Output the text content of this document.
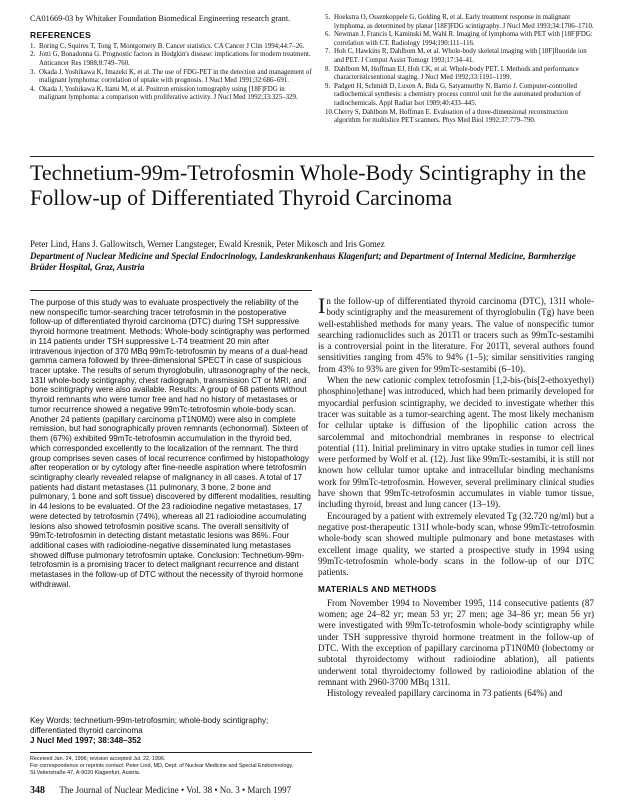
CA01669-03 by Whitaker Foundation Biomedical Engineering research grant.
REFERENCES
1. Boring C, Squires T, Tong T, Montgomery B. Cancer statistics. CA Cancer J Clin 1994;44:7–26.
2. Jotti G, Bonadonna G. Prognostic factors in Hodgkin's disease: implications for modern treatment. Anticancer Res 1988;8:749–760.
3. Okada J, Yoshikawa K, Imazeki K, et al. The use of FDG-PET in the detection and management of malignant lymphoma: correlation of uptake with prognosis. J Nucl Med 1991;32:686–691.
4. Okada J, Yoshikawa K, Itami M, et al. Positron emission tomography using [18F]FDG in malignant lymphoma: a comparison with proliferative activity. J Nucl Med 1992;33:325–329.
5. Hoekstra O, Ossenkoppele G, Golding R, et al. Early treatment response in malignant lymphoma, as determined by planar [18F]FDG scintigraphy. J Nucl Med 1993;34:1706–1710.
6. Newman J, Francis I, Kaminski M, Wahl R. Imaging of lymphoma with PET with [18F]FDG: correlation with CT. Radiology 1994;190:111–116.
7. Hoh C, Hawkins R, Dahlbom M, et al. Whole-body skeletal imaging with [18F]fluoride ion and PET. J Comput Assist Tomogr 1993;17:34–41.
8. Dahlbom M, Hoffman EJ, Hoh CK, et al. Whole-body PET. I. Methods and performance characteristicsentional staging. J Nucl Med 1992;33:1191–1199.
9. Padgett H, Schmidt D, Luxen A, Bida G, Satyamurthy N, Barrio J. Computer-controlled radiochemical synthesis: a chemistry process control unit for the automated production of radiochemicals. Appl Radiat Isot 1989;40:433–445.
10. Cherry S, Dahlbom M, Hoffman E. Evaluation of a three-dimensional reconstruction algorithm for multislice PET scanners. Phys Med Biol 1992;37:779–790.
Technetium-99m-Tetrofosmin Whole-Body Scintigraphy in the Follow-up of Differentiated Thyroid Carcinoma
Peter Lind, Hans J. Gallowitsch, Werner Langsteger, Ewald Kresnik, Peter Mikosch and Iris Gomez
Department of Nuclear Medicine and Special Endocrinology, Landeskrankenhaus Klagenfurt; and Department of Internal Medicine, Barmherzige Brüder Hospital, Graz, Austria
The purpose of this study was to evaluate prospectively the reliability of the new nonspecific tumor-searching tracer tetrofosmin in the postoperative follow-up of differentiated thyroid carcinoma (DTC) during TSH suppressive thyroid hormone treatment. Methods: Whole-body scintigraphy was performed in 114 patients under TSH suppressive L-T4 treatment 20 min after intravenous injection of 370 MBq 99mTc-tetrofosmin by means of a dual-head gamma camera followed by three-dimensional SPECT in case of suspicious tracer uptake. The results of serum thyroglobulin, ultrasonography of the neck, 131I whole-body scintigraphy, chest radiograph, transmission CT or MRI, and bone scintigraphy were also available. Results: A group of 68 patients without thyroid remnants who were tumor free and had no history of metastases or tumor recurrence showed a negative 99mTc-tetrofosmin whole-body scan. Another 24 patients (papillary carcinoma pT1N0M0) were also in complete remission, but had sonographically proven remnants (echonormal). Sixteen of them (67%) exhibited 99mTc-tetrofosmin accumulation in the thyroid bed, which corresponded excellently to the localization of the remnant. The third group comprises seven cases of local recurrence confirmed by histopathology after reoperation or by cytology after fine-needle aspiration where tetrofosmin scintigraphy clearly revealed relapse of malignancy in all cases. A total of 17 patients had distant metastases (11 pulmonary, 3 bone, 2 bone and pulmonary, 1 bone and soft tissue) discovered by different modalities, resulting in 44 lesions to be evaluated. Of the 23 radioiodine negative metastases, 17 were detected by tetrofosmin (74%), whereas all 21 radioiodine accumulating lesions also showed tetrofosmin positive scans. The overall sensitivity of 99mTc-tetrofosmin in detecting distant metastatic lesions was 86%. Four additional cases with radioiodine-negative disseminated lung metastases showed diffuse pulmonary tetrofosmin uptake. Conclusion: Technetium-99m-tetrofosmin is a promising tracer to detect malignant recurrence and distant metastases in the follow-up of DTC without the necessity of thyroid hormone withdrawal.
Key Words: technetium-99m-tetrofosmin; whole-body scintigraphy; differentiated thyroid carcinoma
J Nucl Med 1997; 38:348–352
Received Jan. 24, 1996; revision accepted Jul. 22, 1996.
For correspondence or reprints contact: Peter Lind, MD, Dept. of Nuclear Medicine and Special Endocrinology, St.Veiterstraße 47, A-9020 Klagenfurt, Austria.

In the follow-up of differentiated thyroid carcinoma (DTC), 131I whole-body scintigraphy and the measurement of thyroglobulin (Tg) have been well-established methods for many years. The value of nonspecific tumor searching radionuclides such as 201Tl or tracers such as 99mTc-sestamibi is a controversial point in the literature. For 201Tl, several authors found sensitivities ranging from 45% to 94% (1–5); similar sensitivities ranging from 43% to 93% are given for 99mTc-sestamibi (6–10).

When the new cationic complex tetrofosmin [1,2-bis-(bis[2-ethoxyethyl) phosphino]ethane] was introduced, which had been primarily developed for myocardial perfusion scintigraphy, we decided to investigate whether this tracer was suitable as a tumor-searching agent. The most likely mechanism for cellular uptake is diffusion of the lipophilic cation across the sarcolemmal and mitochondrial membranes in response to electrical potential (11). Initial preliminary in vitro uptake studies in tumor cell lines were performed by Wolf et al. (12). Just like 99mTc-sestamibi, it is still not known how cellular tumor uptake and intracellular binding mechanisms work for 99mTc-tetrofosmin. However, several preliminary clinical studies have shown that 99mTc-tetrofosmin accumulates in viable tumor tissue, including thyroid, breast and lung cancer (13–19).

Encouraged by a patient with extremely elevated Tg (32.720 ng/ml) but a negative post-therapeutic 131I whole-body scan, whose 99mTc-tetrofosmin whole-body scan showed multiple pulmonary and bone metastases with excellent image quality, we started a prospective study in 1994 using 99mTc-tetrofosmin whole-body scans in the follow-up of our DTC patients.

MATERIALS AND METHODS

From November 1994 to November 1995, 114 consecutive patients (87 women; age 24–82 yr; mean 53 yr; 27 men; age 34–86 yr; mean 56 yr) were investigated with 99mTc-tetrofosmin whole-body scintigraphy while under TSH suppressive thyroid hormone treatment in the follow-up of DTC. With the exception of papillary carcinoma pT1N0M0 (lobectomy or subtotal thyroidectomy without radioiodine ablation), all patients underwent total thyroidectomy followed by radioiodine ablation of the remnant with 2960-3700 MBq 131I.

Histology revealed papillary carcinoma in 73 patients (64%) and

348 The Journal of Nuclear Medicine • Vol. 38 • No. 3 • March 1997
